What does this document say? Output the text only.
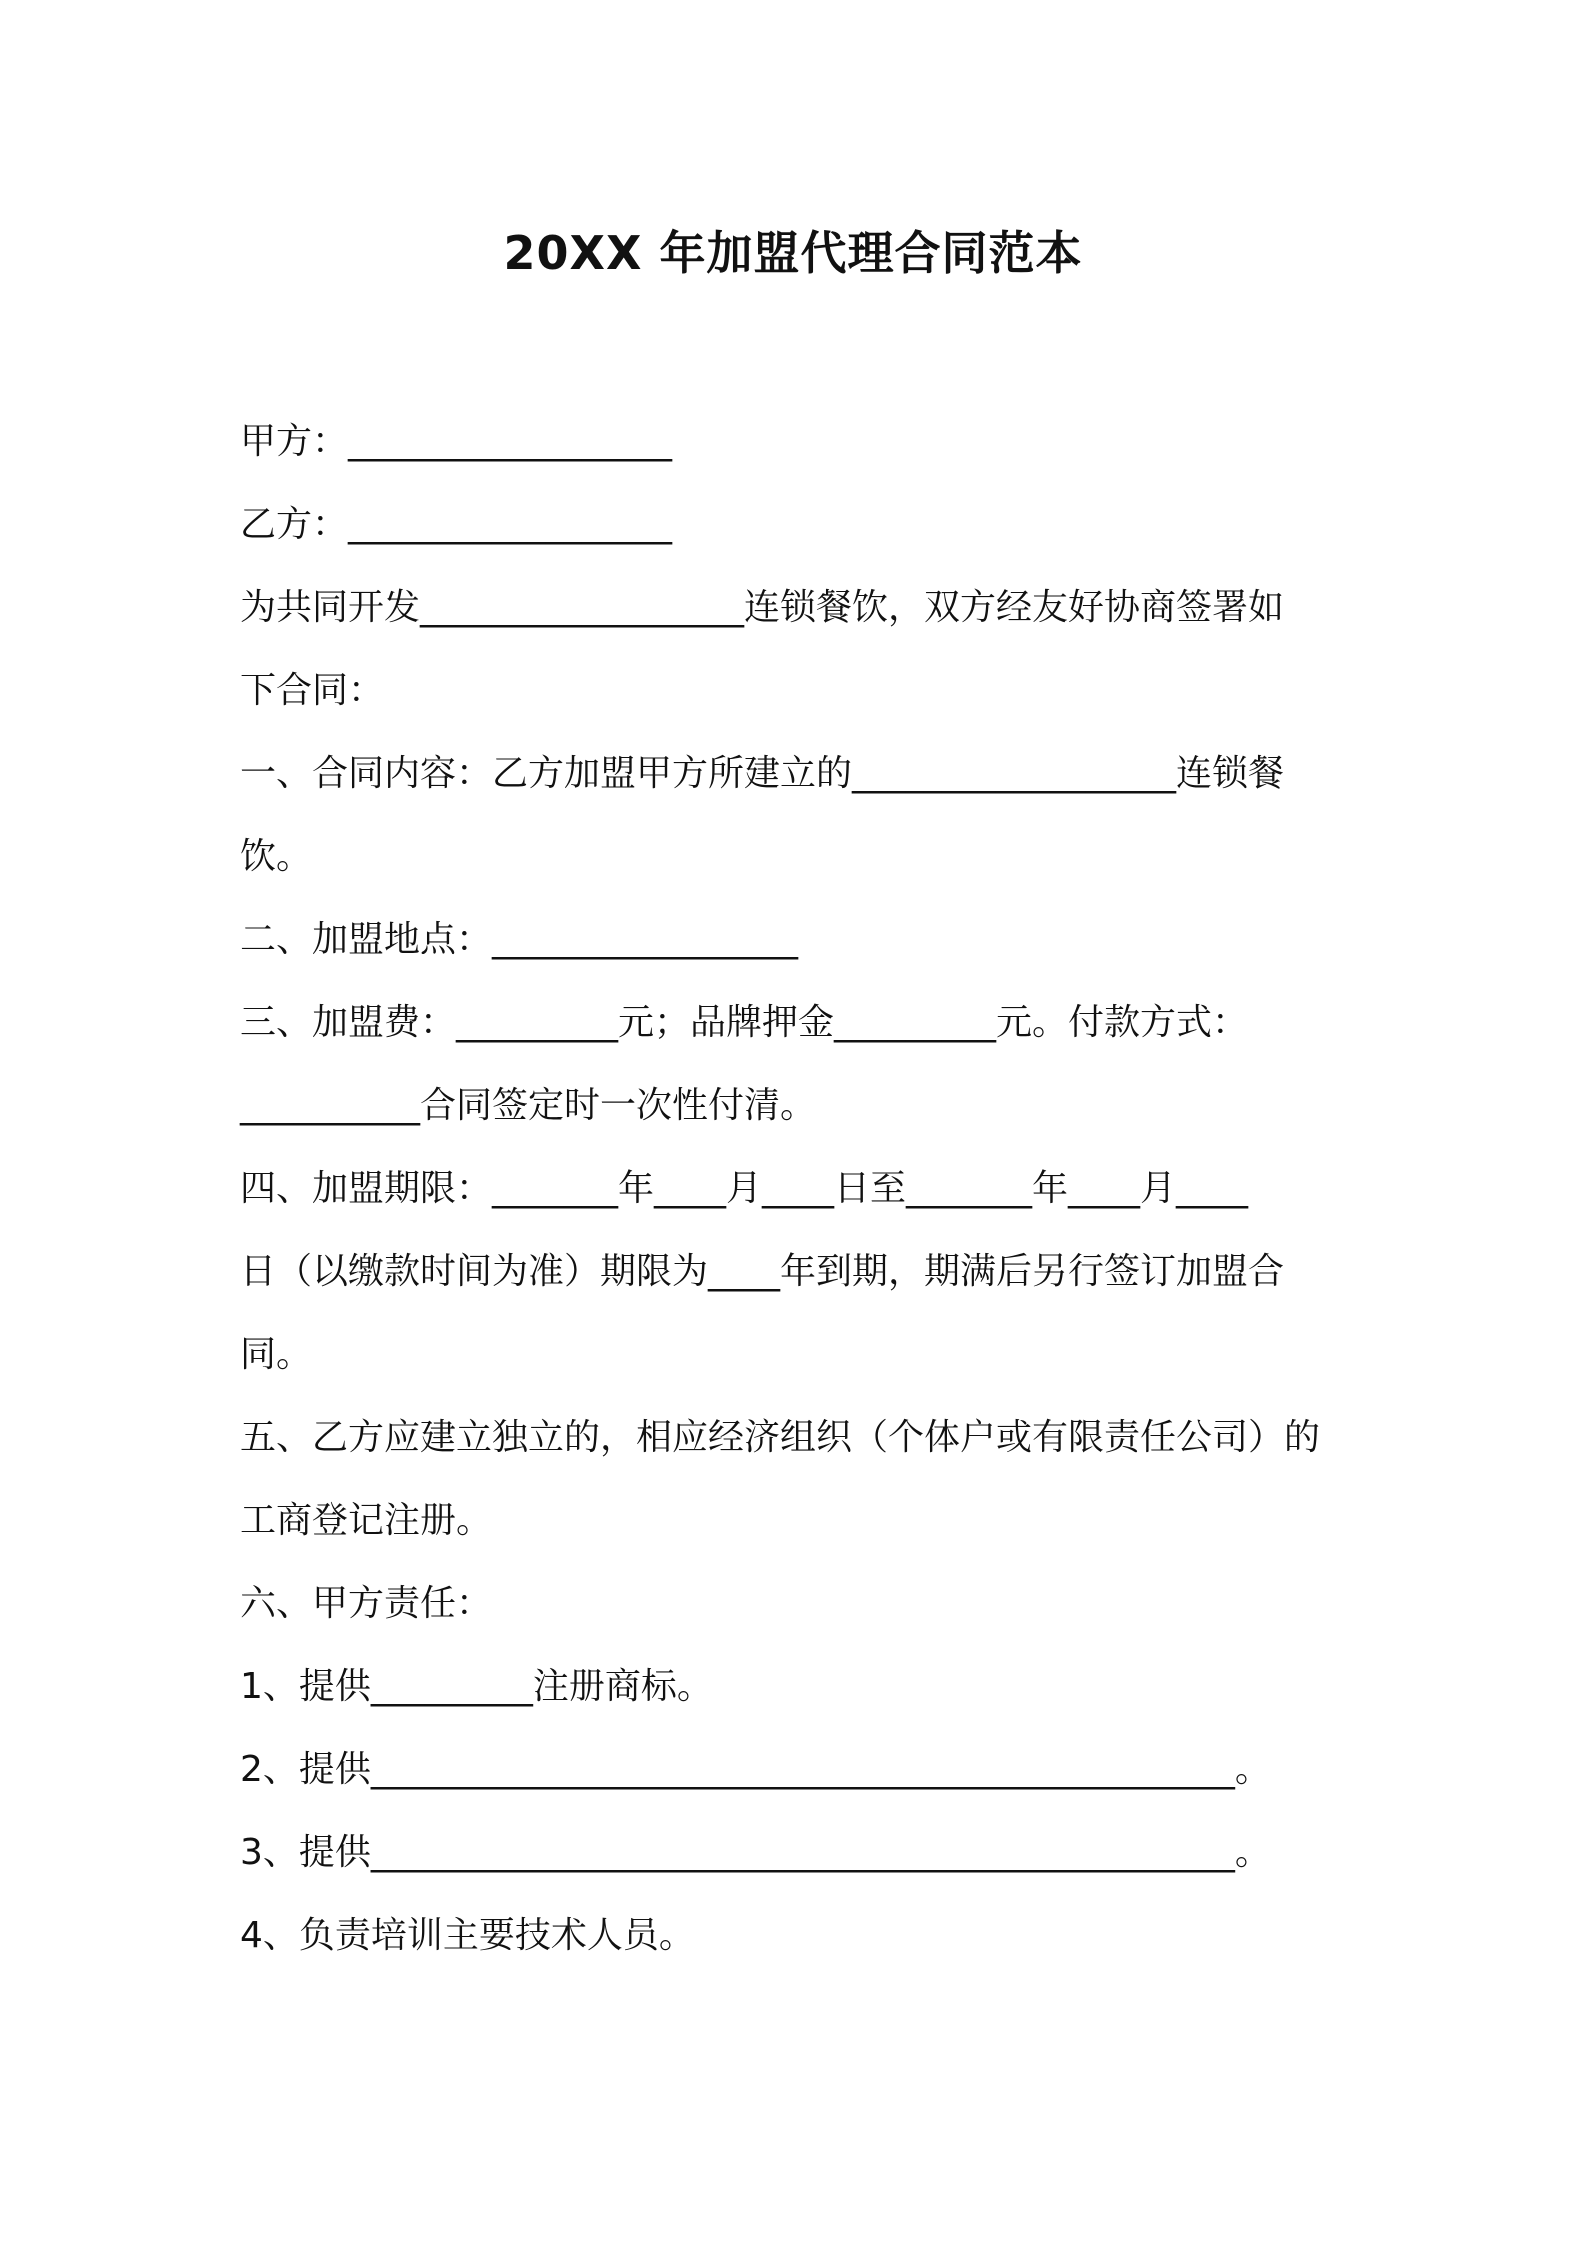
20XX 年加盟代理合同范本
甲方：__________________
乙方：__________________
为共同开发__________________连锁餐饮，双方经友好协商签署如
下合同：
一、合同内容：乙方加盟甲方所建立的__________________连锁餐
饮。
二、加盟地点：_________________
三、加盟费：_________元；品牌押金_________元。付款方式：
__________合同签定时一次性付清。
四、加盟期限：_______年____月____日至_______年____月____
日（以缴款时间为准）期限为____年到期，期满后另行签订加盟合
同。
五、乙方应建立独立的，相应经济组织（个体户或有限责任公司）的
工商登记注册。
六、甲方责任：
1、提供_________注册商标。
2、提供________________________________________________。
3、提供________________________________________________。
4、负责培训主要技术人员。
